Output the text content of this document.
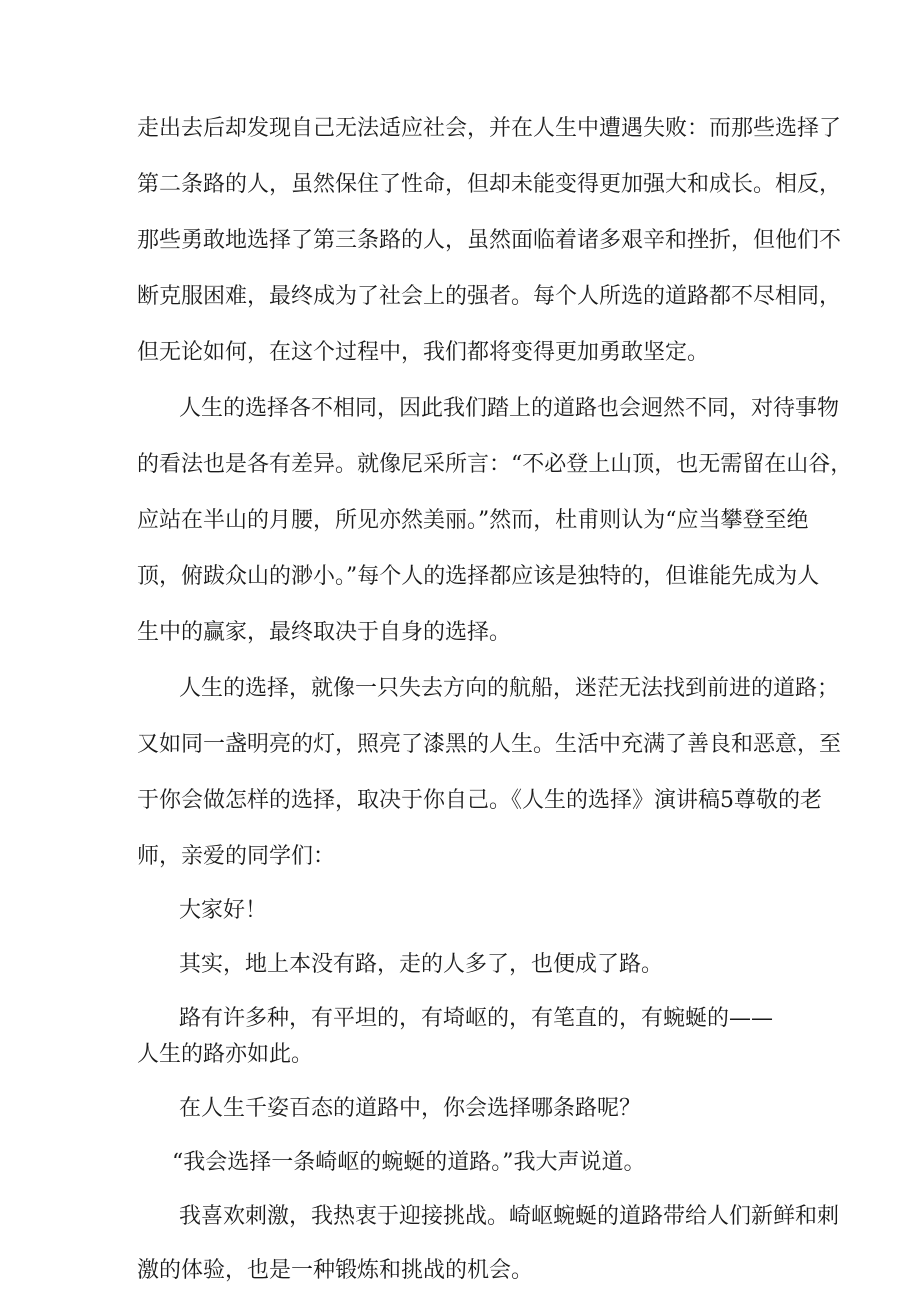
走出去后却发现自己无法适应社会，并在人生中遭遇失败：而那些选择了
第二条路的人，虽然保住了性命，但却未能变得更加强大和成长。相反，
那些勇敢地选择了第三条路的人，虽然面临着诸多艰辛和挫折，但他们不
断克服困难，最终成为了社会上的强者。每个人所选的道路都不尽相同，
但无论如何，在这个过程中，我们都将变得更加勇敢坚定。
人生的选择各不相同，因此我们踏上的道路也会迥然不同，对待事物
的看法也是各有差异。就像尼采所言：“不必登上山顶，也无需留在山谷，
应站在半山的月腰，所见亦然美丽。”然而，杜甫则认为“应当攀登至绝
顶，俯跋众山的渺小。”每个人的选择都应该是独特的，但谁能先成为人
生中的赢家，最终取决于自身的选择。
人生的选择，就像一只失去方向的航船，迷茫无法找到前进的道路；
又如同一盏明亮的灯，照亮了漆黑的人生。生活中充满了善良和恶意，至
于你会做怎样的选择，取决于你自己。《人生的选择》演讲稿5尊敬的老
师，亲爱的同学们：
大家好！
其实，地上本没有路，走的人多了，也便成了路。
路有许多种，有平坦的，有埼岖的，有笔直的，有蜿蜒的——
人生的路亦如此。
在人生千姿百态的道路中，你会选择哪条路呢？
“我会选择一条崎岖的蜿蜒的道路。”我大声说道。
我喜欢刺激，我热衷于迎接挑战。崎岖蜿蜒的道路带给人们新鲜和刺
激的体验，也是一种锻炼和挑战的机会。
